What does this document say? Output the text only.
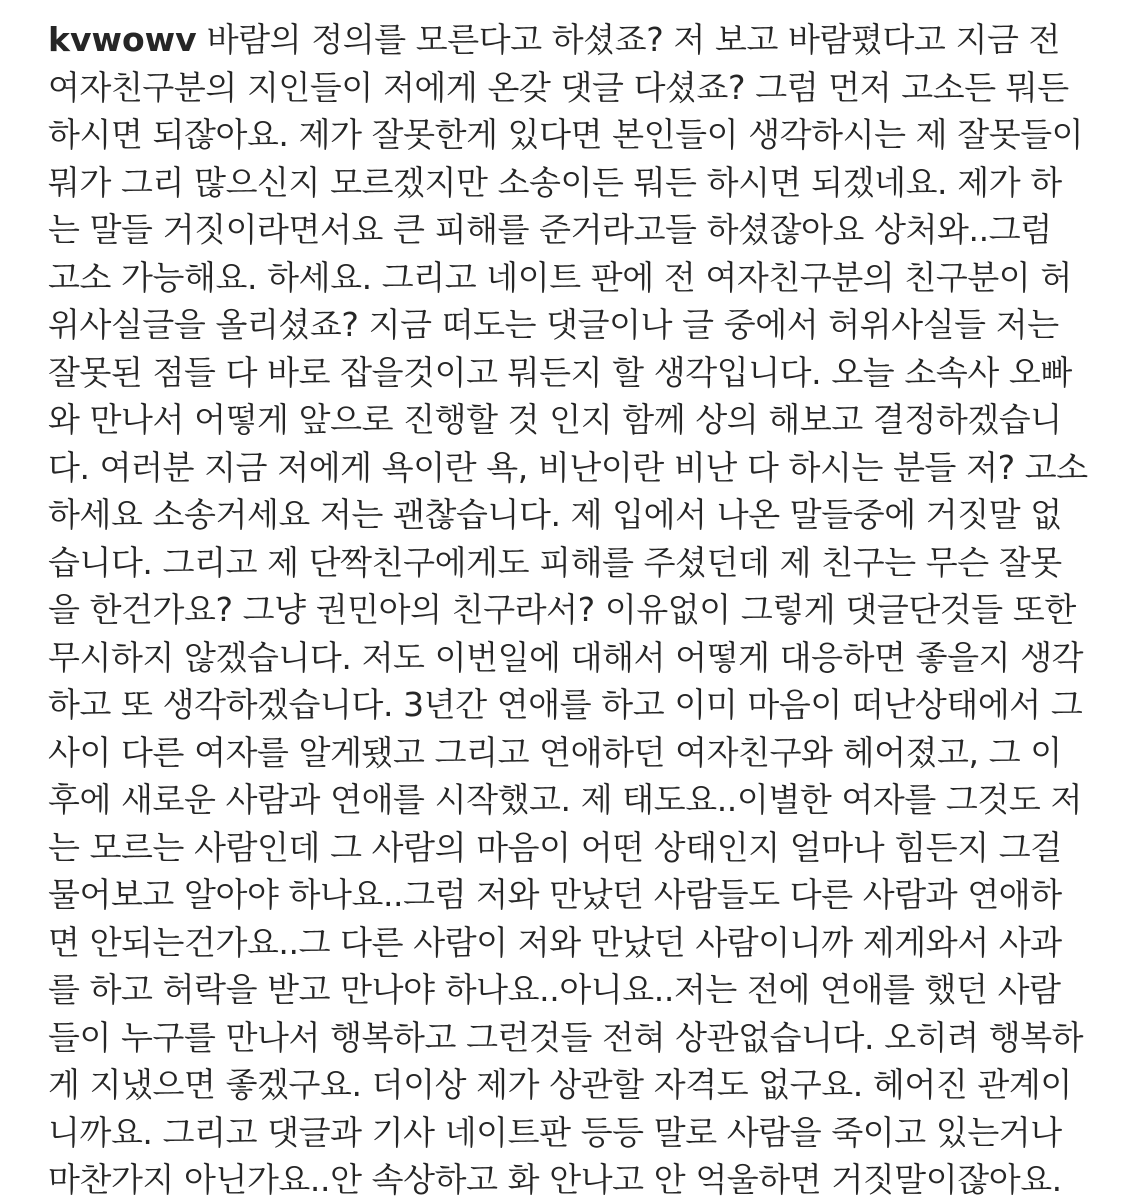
kvwowv 바람의 정의를 모른다고 하셨죠? 저 보고 바람폈다고 지금 전
여자친구분의 지인들이 저에게 온갖 댓글 다셨죠? 그럼 먼저 고소든 뭐든
하시면 되잖아요. 제가 잘못한게 있다면 본인들이 생각하시는 제 잘못들이
뭐가 그리 많으신지 모르겠지만 소송이든 뭐든 하시면 되겠네요. 제가 하
는 말들 거짓이라면서요 큰 피해를 준거라고들 하셨잖아요 상처와..그럼
고소 가능해요. 하세요. 그리고 네이트 판에 전 여자친구분의 친구분이 허
위사실글을 올리셨죠? 지금 떠도는 댓글이나 글 중에서 허위사실들 저는
잘못된 점들 다 바로 잡을것이고 뭐든지 할 생각입니다. 오늘 소속사 오빠
와 만나서 어떻게 앞으로 진행할 것 인지 함께 상의 해보고 결정하겠습니
다. 여러분 지금 저에게 욕이란 욕, 비난이란 비난 다 하시는 분들 저? 고소
하세요 소송거세요 저는 괜찮습니다. 제 입에서 나온 말들중에 거짓말 없
습니다. 그리고 제 단짝친구에게도 피해를 주셨던데 제 친구는 무슨 잘못
을 한건가요? 그냥 권민아의 친구라서? 이유없이 그렇게 댓글단것들 또한
무시하지 않겠습니다. 저도 이번일에 대해서 어떻게 대응하면 좋을지 생각
하고 또 생각하겠습니다. 3년간 연애를 하고 이미 마음이 떠난상태에서 그
사이 다른 여자를 알게됐고 그리고 연애하던 여자친구와 헤어졌고, 그 이
후에 새로운 사람과 연애를 시작했고. 제 태도요..이별한 여자를 그것도 저
는 모르는 사람인데 그 사람의 마음이 어떤 상태인지 얼마나 힘든지 그걸
물어보고 알아야 하나요..그럼 저와 만났던 사람들도 다른 사람과 연애하
면 안되는건가요..그 다른 사람이 저와 만났던 사람이니까 제게와서 사과
를 하고 허락을 받고 만나야 하나요..아니요..저는 전에 연애를 했던 사람
들이 누구를 만나서 행복하고 그런것들 전혀 상관없습니다. 오히려 행복하
게 지냈으면 좋겠구요. 더이상 제가 상관할 자격도 없구요. 헤어진 관계이
니까요. 그리고 댓글과 기사 네이트판 등등 말로 사람을 죽이고 있는거나
마찬가지 아닌가요..안 속상하고 화 안나고 안 억울하면 거짓말이잖아요.
